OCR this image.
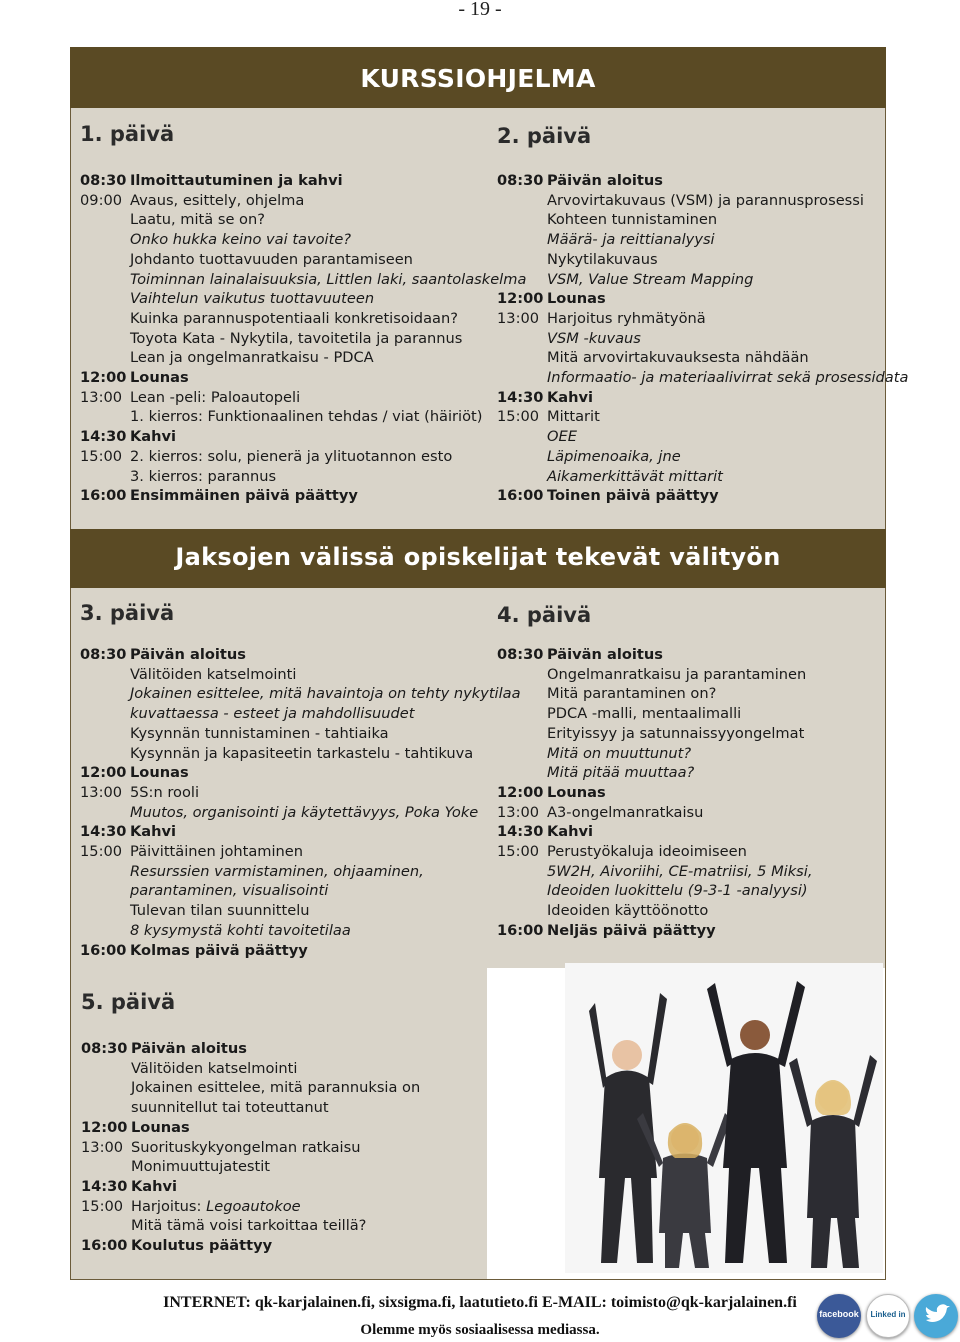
- 19 -
KURSSIOHJELMA
Jaksojen välissä opiskelijat tekevät välityön
1. päivä
08:30 Ilmoittautuminen ja kahvi
09:00 Avaus, esittely, ohjelma
Laatu, mitä se on?
Onko hukka keino vai tavoite?
Johdanto tuottavuuden parantamiseen
Toiminnan lainalaisuuksia, Littlen laki, saantolaskelma
Vaihtelun vaikutus tuottavuuteen
Kuinka parannuspotentiaali konkretisoidaan?
Toyota Kata - Nykytila, tavoitetila ja parannus
Lean ja ongelmanratkaisu - PDCA
12:00 Lounas
13:00 Lean -peli: Paloautopeli
1. kierros: Funktionaalinen tehdas / viat (häiriöt)
14:30 Kahvi
15:00 2. kierros: solu, pienerä ja ylituotannon esto
3. kierros: parannus
16:00 Ensimmäinen päivä päättyy
2. päivä
08:30 Päivän aloitus
Arvovirtakuvaus (VSM) ja parannusprosessi
Kohteen tunnistaminen
Määrä- ja reittianalyysi
Nykytilakuvaus
VSM, Value Stream Mapping
12:00 Lounas
13:00 Harjoitus ryhmätyönä
VSM -kuvaus
Mitä arvovirtakuvauksesta nähdään
Informaatio- ja materiaalivirrat sekä prosessidata
14:30 Kahvi
15:00 Mittarit
OEE
Läpimenoaika, jne
Aikamerkittävät mittarit
16:00 Toinen päivä päättyy
3. päivä
08:30 Päivän aloitus
Välitöiden katselmointi
Jokainen esittelee, mitä havaintoja on tehty nykytilaa
kuvattaessa - esteet ja mahdollisuudet
Kysynnän tunnistaminen - tahtiaika
Kysynnän ja kapasiteetin tarkastelu - tahtikuva
12:00 Lounas
13:00 5S:n rooli
Muutos, organisointi ja käytettävyys, Poka Yoke
14:30 Kahvi
15:00 Päivittäinen johtaminen
Resurssien varmistaminen, ohjaaminen,
parantaminen, visualisointi
Tulevan tilan suunnittelu
8 kysymystä kohti tavoitetilaa
16:00 Kolmas päivä päättyy
4. päivä
08:30 Päivän aloitus
Ongelmanratkaisu ja parantaminen
Mitä parantaminen on?
PDCA -malli, mentaalimalli
Erityissyy ja satunnaissyyongelmat
Mitä on muuttunut?
Mitä pitää muuttaa?
12:00 Lounas
13:00 A3-ongelmanratkaisu
14:30 Kahvi
15:00 Perustyökaluja ideoimiseen
5W2H, Aivoriihi, CE-matriisi, 5 Miksi,
Ideoiden luokittelu (9-3-1 -analyysi)
Ideoiden käyttöönotto
16:00 Neljäs päivä päättyy
5. päivä
08:30 Päivän aloitus
Välitöiden katselmointi
Jokainen esittelee, mitä parannuksia on
suunnitellut tai toteuttanut
12:00 Lounas
13:00 Suorituskykyongelman ratkaisu
Monimuuttujatestit
14:30 Kahvi
15:00 Harjoitus: Legoautokoe
Mitä tämä voisi tarkoittaa teillä?
16:00 Koulutus päättyy
INTERNET: qk-karjalainen.fi, sixsigma.fi, laatutieto.fi E-MAIL: toimisto@qk-karjalainen.fi
Olemme myös sosiaalisessa mediassa.
facebook	Linked in
